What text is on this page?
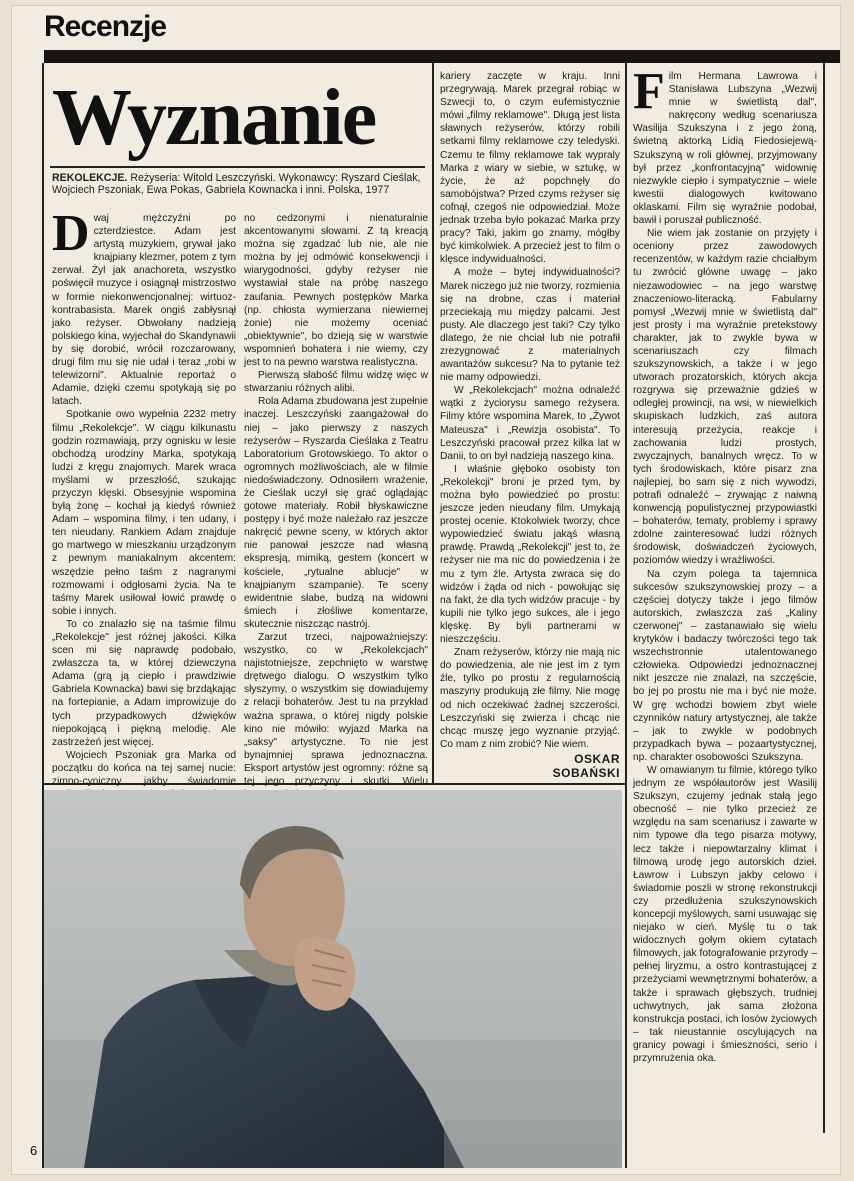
Recenzje
Wyznanie
REKOLEKCJE. Reżyseria: Witold Leszczyński. Wykonawcy: Ryszard Cieślak, Wojciech Pszoniak, Ewa Pokas, Gabriela Kownacka i inni. Polska, 1977

Dwaj mężczyźni po czterdziestce. Adam jest artystą muzykiem, grywał jako knajpiany klezmer, potem z tym zerwał. Żyl jak anachoreta, wszystko poświęcił muzyce i osiągnął mistrzostwo w formie niekonwencjonalnej: wirtuoz-kontrabasista. Marek ongiś zabłysnął jako reżyser. Obwołany nadzieją polskiego kina, wyjechał do Skandynawii by się dorobić, wrócił rozczarowany, drugi film mu się nie udał i teraz „robi w telewizorni". Aktualnie reportaż o Adamie, dzięki czemu spotykają się po latach.

Spotkanie owo wypełnia 2232 metry filmu „Rekolekcje". W ciągu kilkunastu godzin rozmawiają, przy ognisku w lesie obchodzą urodziny Marka, spotykają ludzi z kręgu znajomych. Marek wraca myślami w przeszłość, szukając przyczyn klęski. Obsesyjnie wspomina byłą żonę – kochał ją kiedyś również Adam – wspomina filmy, i ten udany, i ten nieudany. Rankiem Adam znajduje go martwego w mieszkaniu urządzonym z pewnym maniakalnym akcentem: wszędzie pełno taśm z nagranymi rozmowami i odgłosami życia. Na te taśmy Marek usiłował łowić prawdę o sobie i innych.

To co znalazło się na taśmie filmu „Rekolekcje" jest różnej jakości. Kilka scen mi się naprawdę podobało, zwłaszcza ta, w której dziewczyna Adama (grą ją ciepło i prawdziwie Gabriela Kownacka) bawi się brzdąkając na fortepianie, a Adam improwizuje do tych przypadkowych dźwięków niepokojącą i piękną melodię. Ale zastrzeżeń jest więcej.

Wojciech Pszoniak gra Marka od początku do końca na tej samej nucie: zimno-cyniczny, jakby świadomie

no cedzonymi i nienaturalnie akcentowanymi słowami. Z tą kreacją można się zgadzać lub nie, ale nie można by jej odmówić konsekwencji i wiarygodności, gdyby reżyser nie wystawiał stale na próbę naszego zaufania. Pewnych postępków Marka (np. chłosta wymierzana niewiernej żonie) nie możemy oceniać „obiektywnie", bo dzieją się w warstwie wspomnień bohatera i nie wiemy, czy jest to na pewno warstwa realistyczna.

Pierwszą słabość filmu widzę więc w stwarzaniu różnych alibi.

Rola Adama zbudowana jest zupełnie inaczej. Leszczyński zaangażował do niej – jako pierwszy z naszych reżyserów – Ryszarda Cieślaka z Teatru Laboratorium Grotowskiego. To aktor o ogromnych możliwościach, ale w filmie niedoświadczony. Odnosiłem wrażenie, że Cieślak uczył się grać oglądając gotowe materiały. Robił błyskawiczne postępy i być może należało raz jeszcze nakręcić pewne sceny, w których aktor nie panował jeszcze nad własną ekspresją, mimiką, gestem (koncert w kościele, „rytualne ablucje" w knajpianym szampanie). Te sceny ewidentnie słabe, budzą na widowni śmiech i złośliwe komentarze, skutecznie niszcząc nastrój.

Zarzut trzeci, najpoważniejszy: wszystko, co w „Rekolekcjach" najistotniejsze, zepchnięto w warstwę drętwego dialogu. O wszystkim tylko słyszymy, o wszystkim się dowiadujemy z relacji bohaterów. Jest tu na przykład ważna sprawa, o której nigdy polskie kino nie mówiło: wyjazd Marka na „saksy" artystyczne. To nie jest bynajmniej sprawa jednoznaczna. Eksport artystów jest ogromny: różne są tej jego przyczyny i skutki. Wielu

kariery zaczęte w kraju. Inni przegrywają. Marek przegrał robiąc w Szwecji to, o czym eufemistycznie mówi „filmy reklamowe". Długą jest lista sławnych reżyserów, którzy robili setkami filmy reklamowe czy teledyski. Czemu te filmy reklamowe tak wypraly Marka z wiary w siebie, w sztukę, w życie, że aż popchnęły do samobójstwa? Przed czyms reżyser się cofnął, czegoś nie odpowiedział. Może jednak trzeba było pokazać Marka przy pracy? Taki, jakim go znamy, mógłby być kimkolwiek. A przecież jest to film o klęsce indywidualności.

A może – bytej indywidualności? Marek niczego już nie tworzy, rozmienia się na drobne, czas i materiał przeciekają mu między palcami. Jest pusty. Ale dlaczego jest taki? Czy tylko dlatego, że nie chciał lub nie potrafił zrezygnować z materialnych awantażów sukcesu? Na to pytanie też nie mamy odpowiedzi.

W „Rekolekcjach" można odnaleźć wątki z życiorysu samego reżysera. Filmy które wspomina Marek, to „Żywot Mateusza" i „Rewizja osobista". To Leszczyński pracował przez kilka lat w Danii, to on był nadzieją naszego kina.

I właśnie głęboko osobisty ton „Rekolekcji" broni je przed tym, by można było powiedzieć po prostu: jeszcze jeden nieudany film. Umykają prostej ocenie. Ktokolwiek tworzy, chce wypowiedzieć światu jakąś własną prawdę. Prawdą „Rekolekcji" jest to, że reżyser nie ma nic do powiedzenia i że mu z tym źle. Artysta zwraca się do widzów i żąda od nich - powołując się na fakt, że dla tych widzów pracuje - by kupili nie tylko jego sukces, ale i jego klęskę. By byli partnerami w nieszczęściu.

Znam reżyserów, którzy nie mają nic do powiedzenia, ale nie jest im z tym źle, tylko po prostu z regularnością maszyny produkują złe filmy. Nie mogę od nich oczekiwać żadnej szczerości. Leszczyński się zwierza i chcąc nie chcąc muszę jego wyznanie przyjąć. Co mam z nim zrobić? Nie wiem.

OSKAR
SOBAŃSKI

Film Hermana Lawrowa i Stanisława Lubszyna „Wezwij mnie w świetlistą dal", nakręcony według scenariusza Wasilija Szukszyna i z jego żoną, świetną aktorką Lidią Fiedosiejewą-Szukszyną w roli głównej, przyjmowany był przez „konfrontacyjną" widownię niezwykle ciepło i sympatycznie – wiele kwestii dialogowych kwitowano oklaskami. Film się wyraźnie podobał, bawił i poruszał publiczność.

Nie wiem jak zostanie on przyjęty i oceniony przez zawodowych recenzentów, w każdym razie chciałbym tu zwrócić główne uwagę – jako niezawodowiec – na jego warstwę znaczeniowo-literacką. Fabularny pomysł „Wezwij mnie w świetlistą dal" jest prosty i ma wyraźnie pretekstowy charakter, jak to zwykle bywa w scenariuszach czy filmach szukszynowskich, a także i w jego utworach prozatorskich, których akcja rozgrywa się przeważnie gdzieś w odległej prowincji, na wsi, w niewielkich skupiskach ludzkich, zaś autora interesują przeżycia, reakcje i zachowania ludzi prostych, zwyczajnych, banalnych wręcz. To w tych środowiskach, które pisarz zna najlepiej, bo sam się z nich wywodzi, potrafi odnaleźć – zrywając z naiwną konwencją populistycznej przypowiastki – bohaterów, tematy, problemy i sprawy zdolne zainteresować ludzi różnych środowisk, doświadczeń życiowych, poziomów wiedzy i wrażliwości.

Na czym polega ta tajemnica sukcesów szukszynowskiej prozy – a częściej dotyczy także i jego filmów autorskich, zwłaszcza zaś „Kaliny czerwonej" – zastanawiało się wielu krytyków i badaczy twórczości tego tak wszechstronnie utalentowanego człowieka. Odpowiedzi jednoznacznej nikt jeszcze nie znalazł, na szczęście, bo jej po prostu nie ma i być nie może. W grę wchodzi bowiem zbyt wiele czynników natury artystycznej, ale także – jak to zwykle w podobnych przypadkach bywa – pozaartystycznej, np. charakter osobowości Szukszyna.

W omawianym tu filmie, którego tylko jednym ze współautorów jest Wasilij Szukszyn, czujemy jednak stałą jego obecność – nie tylko przecież ze względu na sam scenariusz i zawarte w nim typowe dla tego pisarza motywy, lecz także i niepowtarzalny klimat i filmową urodę jego autorskich dzieł. Ławrow i Lubszyn jakby celowo i świadomie poszli w stronę rekonstrukcji czy przedłużenia szukszynowskich koncepcji myślowych, sami usuwając się niejako w cień. Myślę tu o tak widocznych gołym okiem cytatach filmowych, jak fotografowanie przyrody – pełnej liryzmu, a ostro kontrastującej z przeżyciami wewnętrznymi bohaterów, a także i sprawach głębszych, trudniej uchwytnych, jak sama złożona konstrukcja postaci, ich losów życiowych – tak nieustannie oscylujących na granicy powagi i śmieszności, serio i przymrużenia oka.

6
